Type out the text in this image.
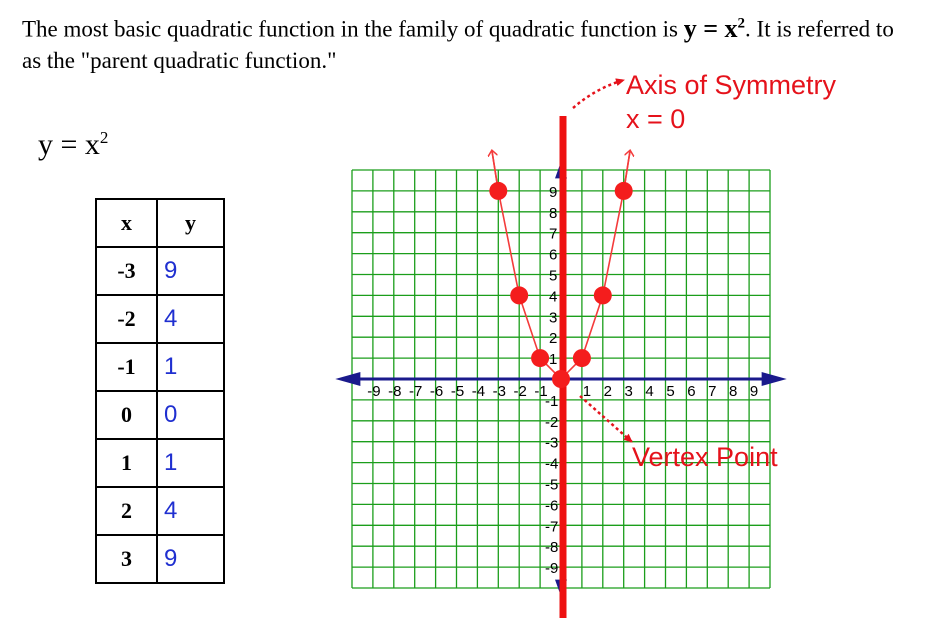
The most basic quadratic function in the family of quadratic function is $y = x^2$. It is referred to as the "parent quadratic function."
$y = x^2$
x	y
-3	9
-2	4
-1	1
0	0
1	1
2	4
3	9
-9 -8 -7 -6 -5 -4 -3 -2 -1 1 2 3 4 5 6 7 8 9
9
8
7
6
5
4
3
2
1
-1
-2
-3
-4
-5
-6
-7
-8
-9
Axis of Symmetry
x = 0
Vertex Point
